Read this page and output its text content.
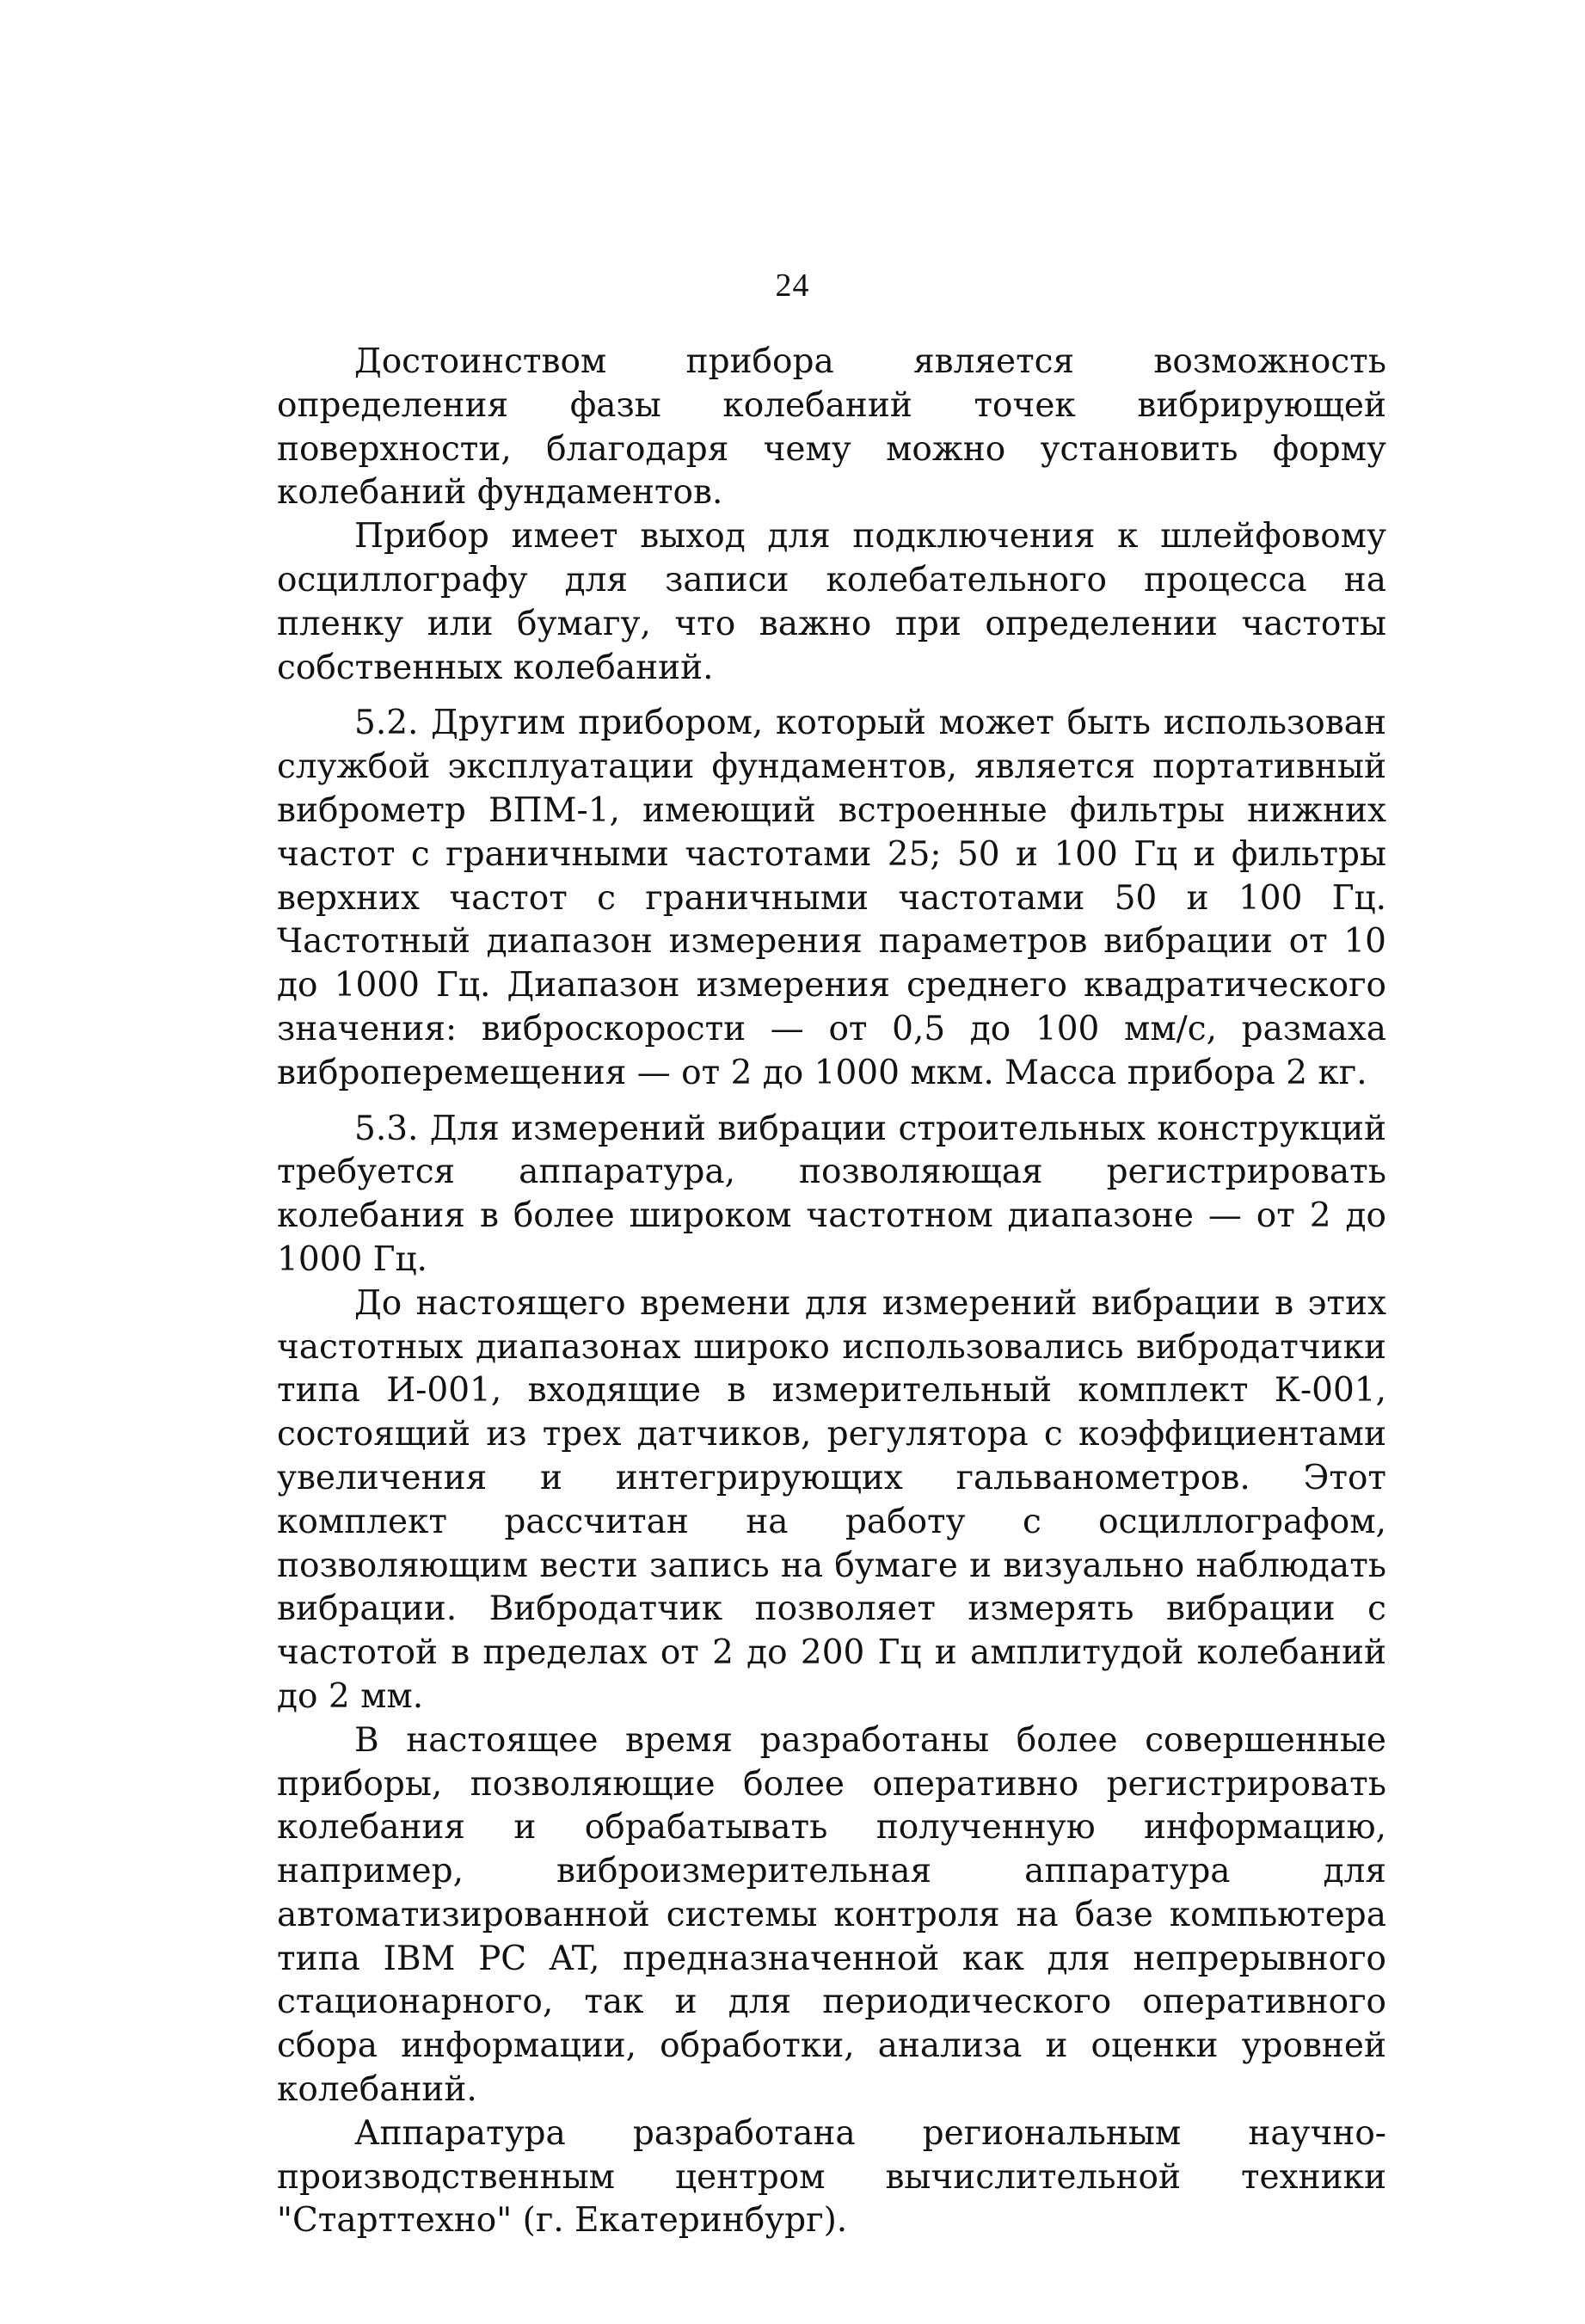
24

Достоинством прибора является возможность определения фазы колебаний точек вибрирующей поверхности, благодаря чему можно установить форму колебаний фундаментов.

Прибор имеет выход для подключения к шлейфовому осциллографу для записи колебательного процесса на пленку или бумагу, что важно при определении частоты собственных колебаний.

5.2. Другим прибором, который может быть использован службой эксплуатации фундаментов, является портативный виброметр ВПМ-1, имеющий встроенные фильтры нижних частот с граничными частотами 25; 50 и 100 Гц и фильтры верхних частот с граничными частотами 50 и 100 Гц. Частотный диапазон измерения параметров вибрации от 10 до 1000 Гц. Диапазон измерения среднего квадратического значения: виброскорости — от 0,5 до 100 мм/с, размаха виброперемещения — от 2 до 1000 мкм. Масса прибора 2 кг.

5.3. Для измерений вибрации строительных конструкций требуется аппаратура, позволяющая регистрировать колебания в более широком частотном диапазоне — от 2 до 1000 Гц.

До настоящего времени для измерений вибрации в этих частотных диапазонах широко использовались вибродатчики типа И-001, входящие в измерительный комплект К-001, состоящий из трех датчиков, регулятора с коэффициентами увеличения и интегрирующих гальванометров. Этот комплект рассчитан на работу с осциллографом, позволяющим вести запись на бумаге и визуально наблюдать вибрации. Вибродатчик позволяет измерять вибрации с частотой в пределах от 2 до 200 Гц и амплитудой колебаний до 2 мм.

В настоящее время разработаны более совершенные приборы, позволяющие более оперативно регистрировать колебания и обрабатывать полученную информацию, например, виброизмерительная аппаратура для автоматизированной системы контроля на базе компьютера типа IBM PC AT, предназначенной как для непрерывного стационарного, так и для периодического оперативного сбора информации, обработки, анализа и оценки уровней колебаний.

Аппаратура разработана региональным научно-производственным центром вычислительной техники "Старттехно" (г. Екатеринбург).
